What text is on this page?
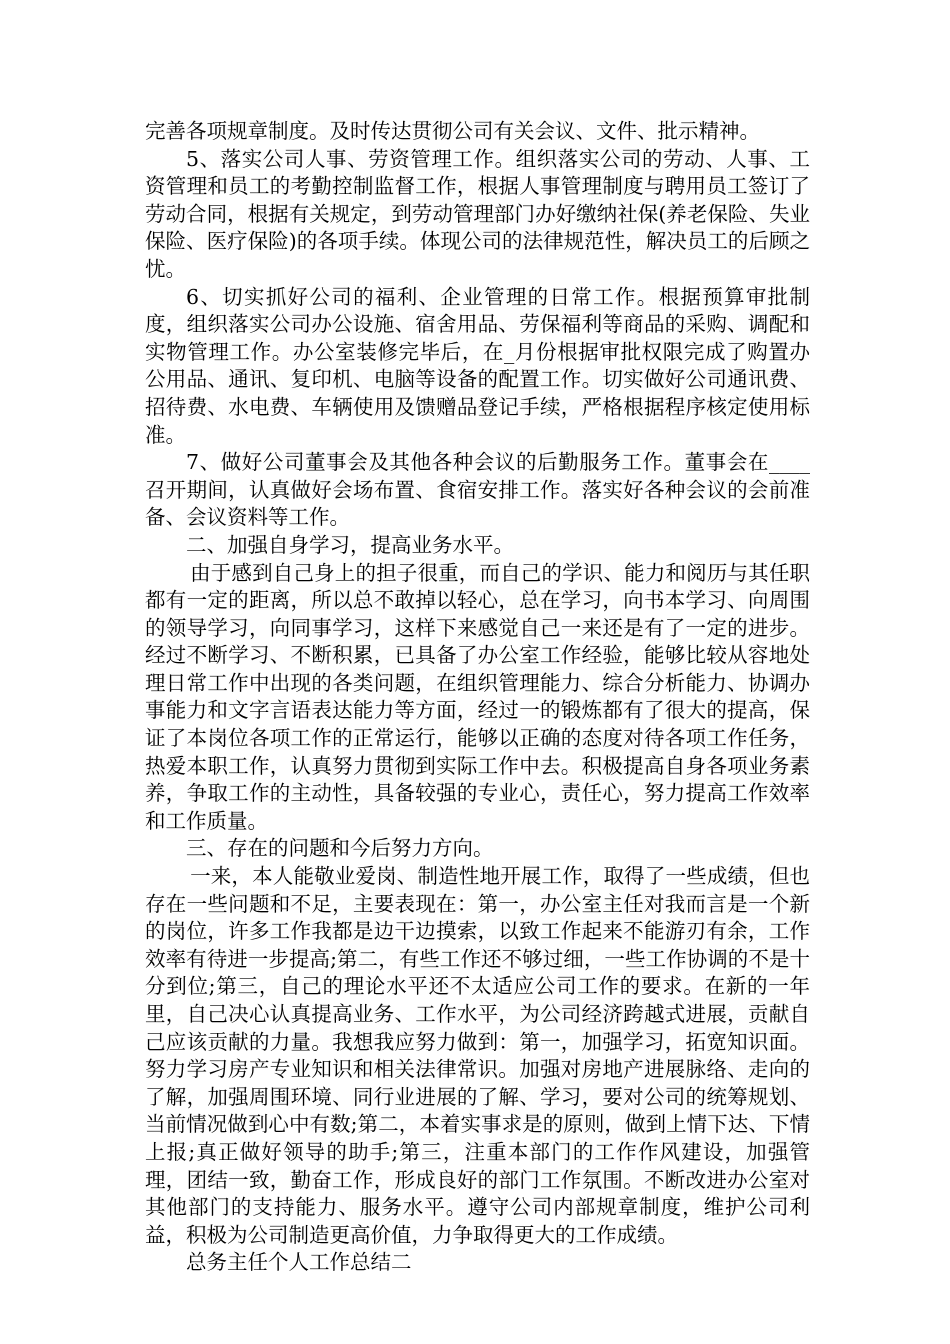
完善各项规章制度。及时传达贯彻公司有关会议、文件、批示精神。

5、落实公司人事、劳资管理工作。组织落实公司的劳动、人事、工资管理和员工的考勤控制监督工作，根据人事管理制度与聘用员工签订了劳动合同，根据有关规定，到劳动管理部门办好缴纳社保(养老保险、失业保险、医疗保险)的各项手续。体现公司的法律规范性，解决员工的后顾之忧。

6、切实抓好公司的福利、企业管理的日常工作。根据预算审批制度，组织落实公司办公设施、宿舍用品、劳保福利等商品的采购、调配和实物管理工作。办公室装修完毕后，在_月份根据审批权限完成了购置办公用品、通讯、复印机、电脑等设备的配置工作。切实做好公司通讯费、招待费、水电费、车辆使用及馈赠品登记手续，严格根据程序核定使用标准。

7、做好公司董事会及其他各种会议的后勤服务工作。董事会在____召开期间，认真做好会场布置、食宿安排工作。落实好各种会议的会前准备、会议资料等工作。

二、加强自身学习，提高业务水平。

由于感到自己身上的担子很重，而自己的学识、能力和阅历与其任职都有一定的距离，所以总不敢掉以轻心，总在学习，向书本学习、向周围的领导学习，向同事学习，这样下来感觉自己一来还是有了一定的进步。经过不断学习、不断积累，已具备了办公室工作经验，能够比较从容地处理日常工作中出现的各类问题，在组织管理能力、综合分析能力、协调办事能力和文字言语表达能力等方面，经过一的锻炼都有了很大的提高，保证了本岗位各项工作的正常运行，能够以正确的态度对待各项工作任务，热爱本职工作，认真努力贯彻到实际工作中去。积极提高自身各项业务素养，争取工作的主动性，具备较强的专业心，责任心，努力提高工作效率和工作质量。

三、存在的问题和今后努力方向。

一来，本人能敬业爱岗、制造性地开展工作，取得了一些成绩，但也存在一些问题和不足，主要表现在：第一，办公室主任对我而言是一个新的岗位，许多工作我都是边干边摸索，以致工作起来不能游刃有余，工作效率有待进一步提高;第二，有些工作还不够过细，一些工作协调的不是十分到位;第三，自己的理论水平还不太适应公司工作的要求。在新的一年里，自己决心认真提高业务、工作水平，为公司经济跨越式进展，贡献自己应该贡献的力量。我想我应努力做到：第一，加强学习，拓宽知识面。努力学习房产专业知识和相关法律常识。加强对房地产进展脉络、走向的了解，加强周围环境、同行业进展的了解、学习，要对公司的统筹规划、当前情况做到心中有数;第二，本着实事求是的原则，做到上情下达、下情上报;真正做好领导的助手;第三，注重本部门的工作作风建设，加强管理，团结一致，勤奋工作，形成良好的部门工作氛围。不断改进办公室对其他部门的支持能力、服务水平。遵守公司内部规章制度，维护公司利益，积极为公司制造更高价值，力争取得更大的工作成绩。

总务主任个人工作总结二
